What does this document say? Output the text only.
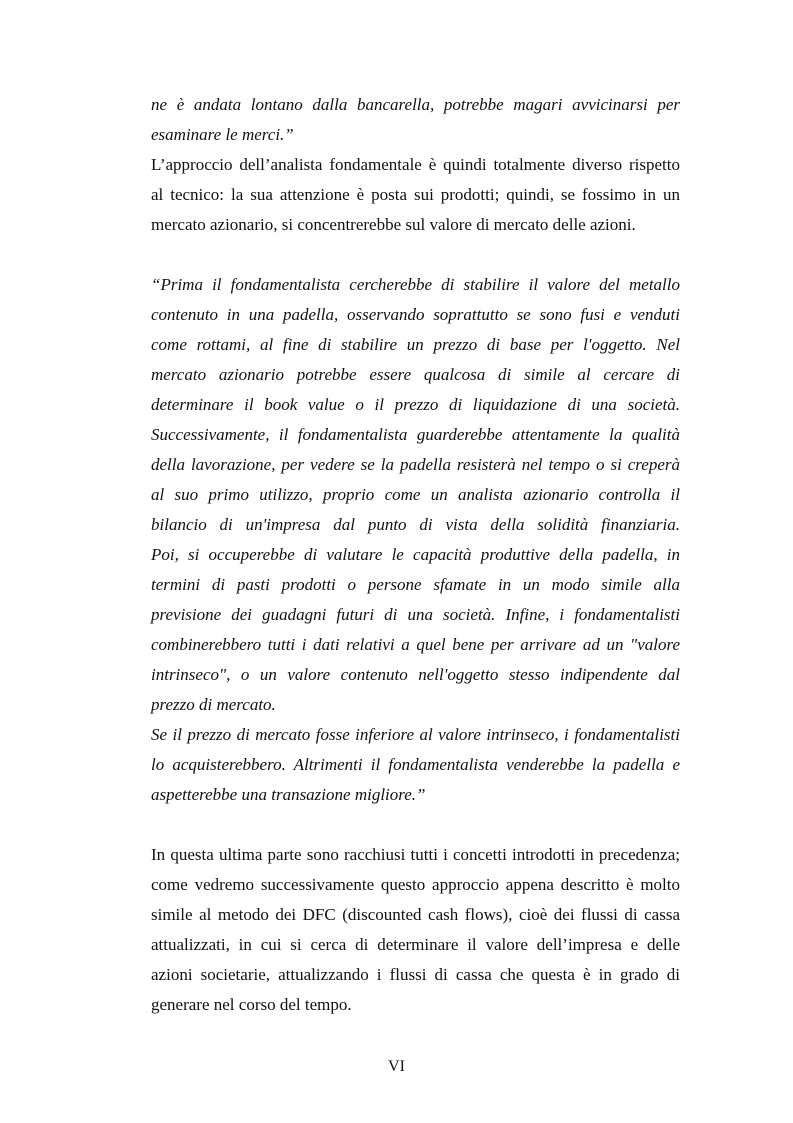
ne è andata lontano dalla bancarella, potrebbe magari avvicinarsi per
esaminare le merci.”
L’approccio dell’analista fondamentale è quindi totalmente diverso rispetto
al tecnico: la sua attenzione è posta sui prodotti; quindi, se fossimo in un
mercato azionario, si concentrerebbe sul valore di mercato delle azioni.
“Prima il fondamentalista cercherebbe di stabilire il valore del metallo
contenuto in una padella, osservando soprattutto se sono fusi e venduti
come rottami, al fine di stabilire un prezzo di base per l'oggetto. Nel
mercato azionario potrebbe essere qualcosa di simile al cercare di
determinare il book value o il prezzo di liquidazione di una società.
Successivamente, il fondamentalista guarderebbe attentamente la qualità
della lavorazione, per vedere se la padella resisterà nel tempo o si creperà
al suo primo utilizzo, proprio come un analista azionario controlla il
bilancio di un'impresa dal punto di vista della solidità finanziaria.
Poi, si occuperebbe di valutare le capacità produttive della padella, in
termini di pasti prodotti o persone sfamate in un modo simile alla
previsione dei guadagni futuri di una società. Infine, i fondamentalisti
combinerebbero tutti i dati relativi a quel bene per arrivare ad un "valore
intrinseco", o un valore contenuto nell'oggetto stesso indipendente dal
prezzo di mercato.
Se il prezzo di mercato fosse inferiore al valore intrinseco, i fondamentalisti
lo acquisterebbero. Altrimenti il fondamentalista venderebbe la padella e
aspetterebbe una transazione migliore.”
In questa ultima parte sono racchiusi tutti i concetti introdotti in precedenza;
come vedremo successivamente questo approccio appena descritto è molto
simile al metodo dei DFC (discounted cash flows), cioè dei flussi di cassa
attualizzati, in cui si cerca di determinare il valore dell’impresa e delle
azioni societarie, attualizzando i flussi di cassa che questa è in grado di
generare nel corso del tempo.
VI
